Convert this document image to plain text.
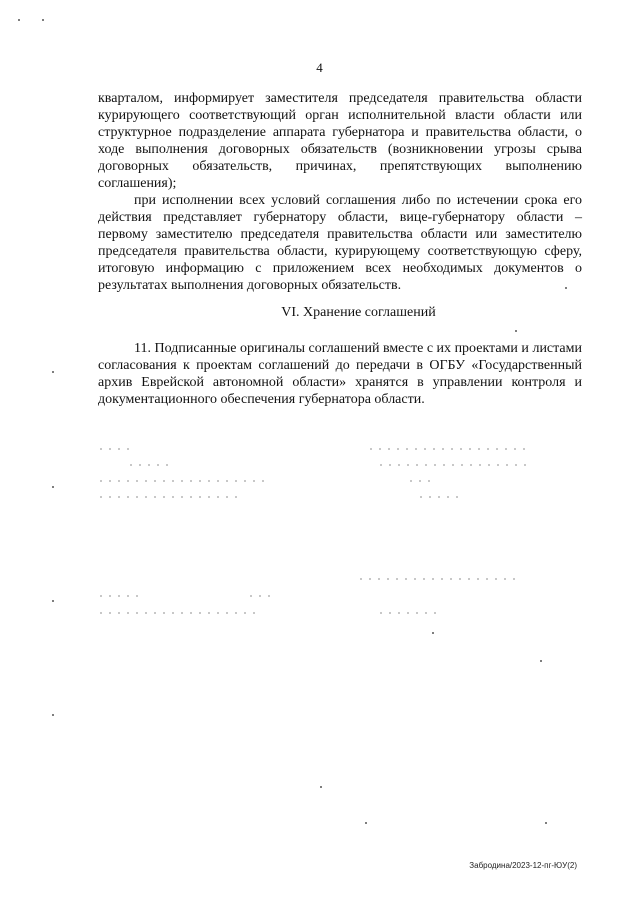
4

кварталом, информирует заместителя председателя правительства области курирующего соответствующий орган исполнительной власти области или структурное подразделение аппарата губернатора и правительства области, о ходе выполнения договорных обязательств (возникновении угрозы срыва договорных обязательств, причинах, препятствующих выполнению соглашения);

при исполнении всех условий соглашения либо по истечении срока его действия представляет губернатору области, вице-губернатору области – первому заместителю председателя правительства области или заместителю председателя правительства области, курирующему соответствующую сферу, итоговую информацию с приложением всех необходимых документов о результатах выполнения договорных обязательств.

VI. Хранение соглашений

11. Подписанные оригиналы соглашений вместе с их проектами и листами согласования к проектам соглашений до передачи в ОГБУ «Государственный архив Еврейской автономной области» хранятся в управлении контроля и документационного обеспечения губернатора области.

Забродина/2023-12-пг-ЮУ(2)
